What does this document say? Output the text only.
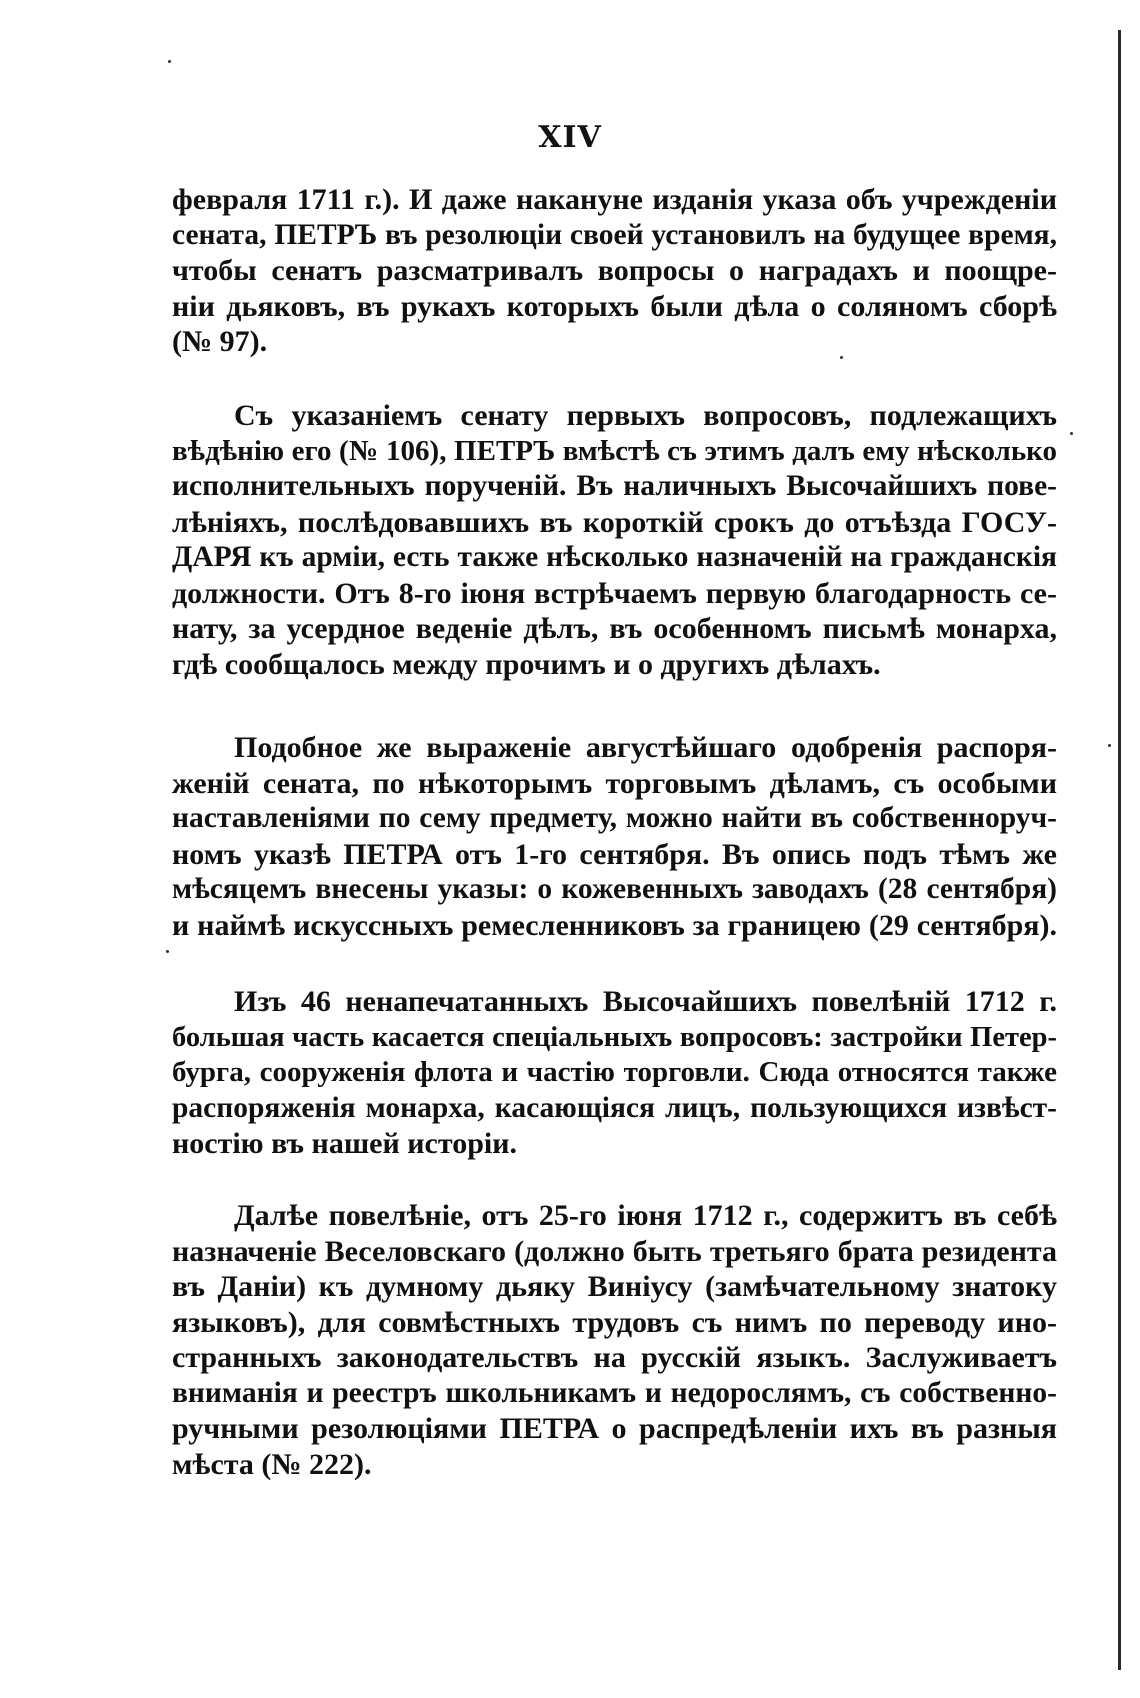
XIV

февраля 1711 г.). И даже накануне изданія указа объ учрежденіи
сената, ПЕТРЪ въ резолюціи своей установилъ на будущее время,
чтобы сенатъ разсматривалъ вопросы о наградахъ и поощре-
ніи дьяковъ, въ рукахъ которыхъ были дѣла о соляномъ сборѣ
(№ 97).

Съ указаніемъ сенату первыхъ вопросовъ, подлежащихъ
вѣдѣнію его (№ 106), ПЕТРЪ вмѣстѣ съ этимъ далъ ему нѣсколько
исполнительныхъ порученій. Въ наличныхъ Высочайшихъ пове-
лѣніяхъ, послѣдовавшихъ въ короткій срокъ до отъѣзда ГОСУ-
ДАРЯ къ арміи, есть также нѣсколько назначеній на гражданскія
должности. Отъ 8-го іюня встрѣчаемъ первую благодарность се-
нату, за усердное веденіе дѣлъ, въ особенномъ письмѣ монарха,
гдѣ сообщалось между прочимъ и о другихъ дѣлахъ.

Подобное же выраженіе августѣйшаго одобренія распоря-
женій сената, по нѣкоторымъ торговымъ дѣламъ, съ особыми
наставленіями по сему предмету, можно найти въ собственноруч-
номъ указѣ ПЕТРА отъ 1-го сентября. Въ опись подъ тѣмъ же
мѣсяцемъ внесены указы: о кожевенныхъ заводахъ (28 сентября)
и наймѣ искуссныхъ ремесленниковъ за границею (29 сентября).

Изъ 46 ненапечатанныхъ Высочайшихъ повелѣній 1712 г.
большая часть касается спеціальныхъ вопросовъ: застройки Петер-
бурга, сооруженія флота и частію торговли. Сюда относятся также
распоряженія монарха, касающіяся лицъ, пользующихся извѣст-
ностію въ нашей исторіи.

Далѣе повелѣніе, отъ 25-го іюня 1712 г., содержитъ въ себѣ
назначеніе Веселовскаго (должно быть третьяго брата резидента
въ Даніи) къ думному дьяку Виніусу (замѣчательному знатоку
языковъ), для совмѣстныхъ трудовъ съ нимъ по переводу ино-
странныхъ законодательствъ на русскій языкъ. Заслуживаетъ
вниманія и реестръ школьникамъ и недорослямъ, съ собственно-
ручными резолюціями ПЕТРА о распредѣленіи ихъ въ разныя
мѣста (№ 222).
